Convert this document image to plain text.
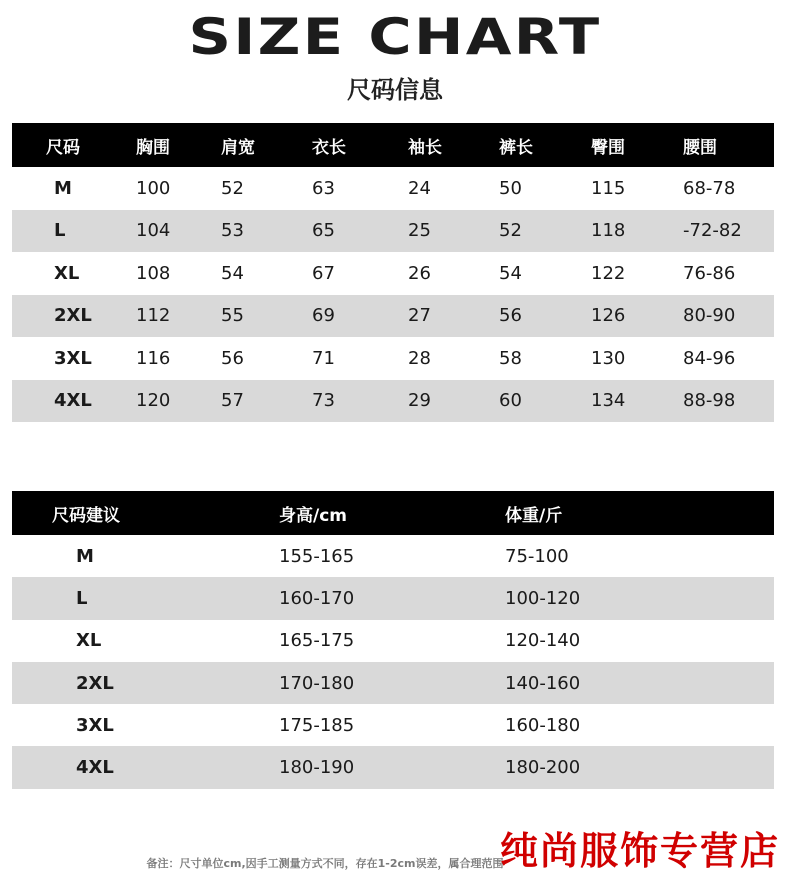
SIZE CHART
尺码信息
尺码	胸围	肩宽	衣长	袖长	裤长	臀围	腰围
M	100	52	63	24	50	115	68-78
L	104	53	65	25	52	118	-72-82
XL	108	54	67	26	54	122	76-86
2XL	112	55	69	27	56	126	80-90
3XL	116	56	71	28	58	130	84-96
4XL	120	57	73	29	60	134	88-98
尺码建议	身高/cm	体重/斤
M	155-165	75-100
L	160-170	100-120
XL	165-175	120-140
2XL	170-180	140-160
3XL	175-185	160-180
4XL	180-190	180-200
备注：尺寸单位cm,因手工测量方式不同，存在1-2cm误差，属合理范围
纯尚服饰专营店
